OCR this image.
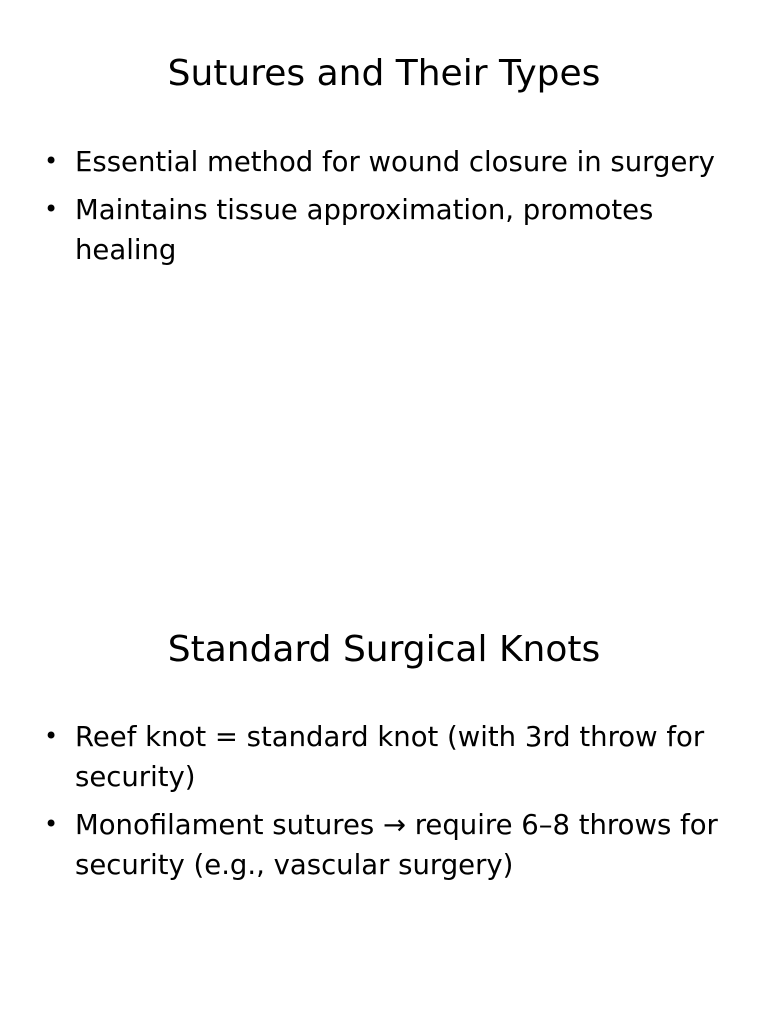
Sutures and Their Types
• Essential method for wound closure in surgery
• Maintains tissue approximation, promotes healing
Standard Surgical Knots
• Reef knot = standard knot (with 3rd throw for security)
• Monofilament sutures → require 6–8 throws for security (e.g., vascular surgery)
